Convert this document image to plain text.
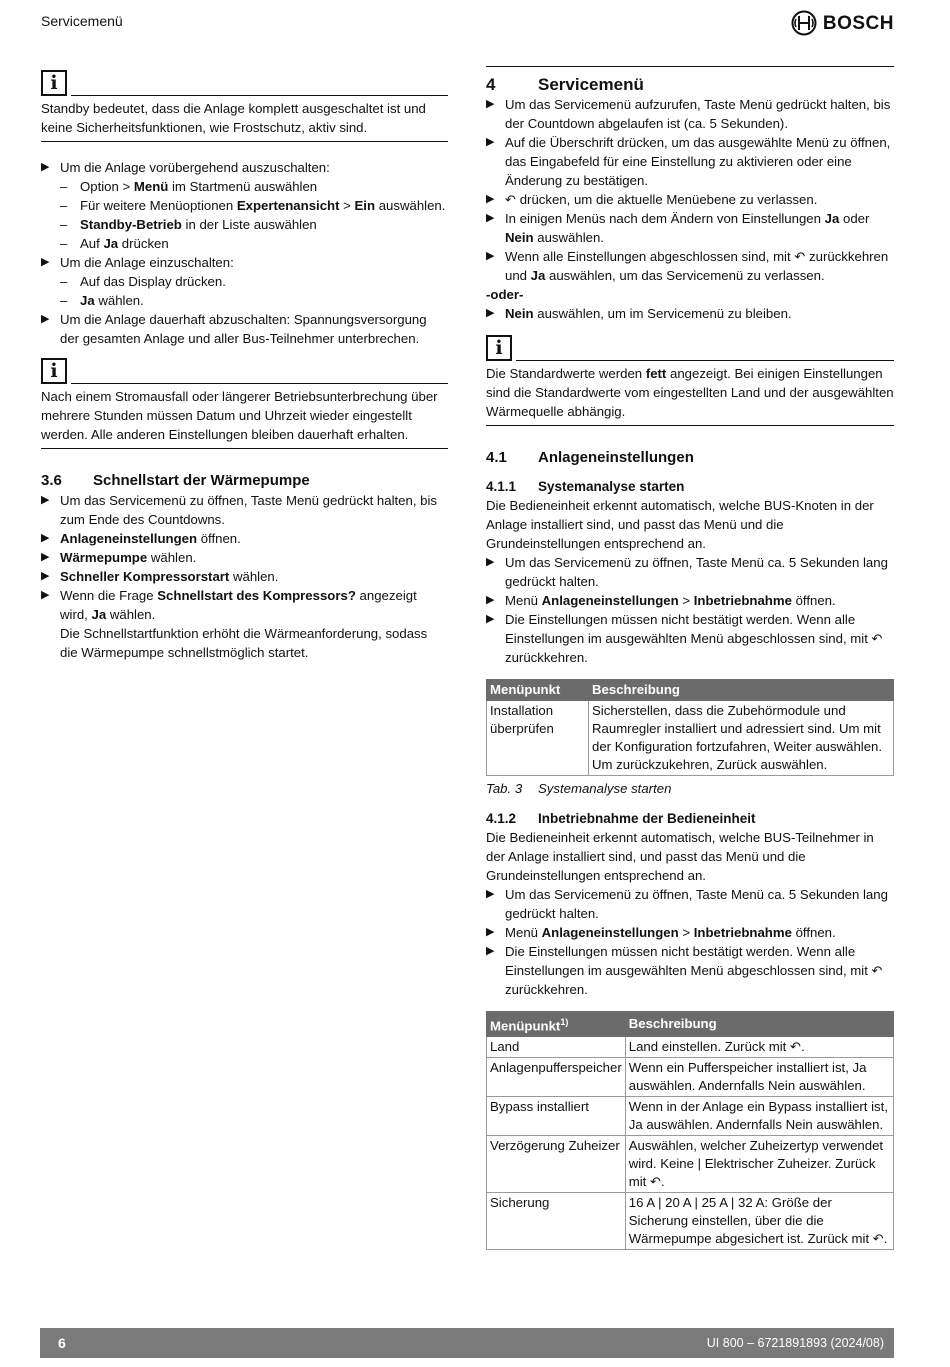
Servicemenü	BOSCH
i

Standby bedeutet, dass die Anlage komplett ausgeschaltet ist und keine Sicherheitsfunktionen, wie Frostschutz, aktiv sind.

▶ Um die Anlage vorübergehend auszuschalten:
– Option > Menü im Startmenü auswählen
– Für weitere Menüoptionen Expertenansicht > Ein auswählen.
– Standby-Betrieb in der Liste auswählen
– Auf Ja drücken
▶ Um die Anlage einzuschalten:
– Auf das Display drücken.
– Ja wählen.
▶ Um die Anlage dauerhaft abzuschalten: Spannungsversorgung der gesamten Anlage und aller Bus-Teilnehmer unterbrechen.
i

Nach einem Stromausfall oder längerer Betriebsunterbrechung über mehrere Stunden müssen Datum und Uhrzeit wieder eingestellt werden. Alle anderen Einstellungen bleiben dauerhaft erhalten.

3.6	Schnellstart der Wärmepumpe
▶ Um das Servicemenü zu öffnen, Taste Menü gedrückt halten, bis zum Ende des Countdowns.
▶ Anlageneinstellungen öffnen.
▶ Wärmepumpe wählen.
▶ Schneller Kompressorstart wählen.
▶ Wenn die Frage Schnellstart des Kompressors? angezeigt wird, Ja wählen.
Die Schnellstartfunktion erhöht die Wärmeanforderung, sodass die Wärmepumpe schnellstmöglich startet.
4	Servicemenü
▶ Um das Servicemenü aufzurufen, Taste Menü gedrückt halten, bis der Countdown abgelaufen ist (ca. 5 Sekunden).
▶ Auf die Überschrift drücken, um das ausgewählte Menü zu öffnen, das Eingabefeld für eine Einstellung zu aktivieren oder eine Änderung zu bestätigen.
▶ ↶ drücken, um die aktuelle Menüebene zu verlassen.
▶ In einigen Menüs nach dem Ändern von Einstellungen Ja oder Nein auswählen.
▶ Wenn alle Einstellungen abgeschlossen sind, mit ↶ zurückkehren und Ja auswählen, um das Servicemenü zu verlassen.

-oder-

▶ Nein auswählen, um im Servicemenü zu bleiben.
i

Die Standardwerte werden fett angezeigt. Bei einigen Einstellungen sind die Standardwerte vom eingestellten Land und der ausgewählten Wärmequelle abhängig.

4.1	Anlageneinstellungen
4.1.1	Systemanalyse starten

Die Bedieneinheit erkennt automatisch, welche BUS-Knoten in der Anlage installiert sind, und passt das Menü und die Grundeinstellungen entsprechend an.

▶ Um das Servicemenü zu öffnen, Taste Menü ca. 5 Sekunden lang gedrückt halten.
▶ Menü Anlageneinstellungen > Inbetriebnahme öffnen.
▶ Die Einstellungen müssen nicht bestätigt werden. Wenn alle Einstellungen im ausgewählten Menü abgeschlossen sind, mit ↶ zurückkehren.
Menüpunkt	Beschreibung
Installation überprüfen	Sicherstellen, dass die Zubehörmodule und Raumregler installiert und adressiert sind. Um mit der Konfiguration fortzufahren, Weiter auswählen. Um zurückzukehren, Zurück auswählen.
Tab. 3	Systemanalyse starten
4.1.2	Inbetriebnahme der Bedieneinheit

Die Bedieneinheit erkennt automatisch, welche BUS-Teilnehmer in der Anlage installiert sind, und passt das Menü und die Grundeinstellungen entsprechend an.

▶ Um das Servicemenü zu öffnen, Taste Menü ca. 5 Sekunden lang gedrückt halten.
▶ Menü Anlageneinstellungen > Inbetriebnahme öffnen.
▶ Die Einstellungen müssen nicht bestätigt werden. Wenn alle Einstellungen im ausgewählten Menü abgeschlossen sind, mit ↶ zurückkehren.
Menüpunkt$^{1)}$	Beschreibung
Land	Land einstellen. Zurück mit ↶.
Anlagenpufferspeicher	Wenn ein Pufferspeicher installiert ist, Ja auswählen. Andernfalls Nein auswählen.
Bypass installiert	Wenn in der Anlage ein Bypass installiert ist, Ja auswählen. Andernfalls Nein auswählen.
Verzögerung Zuheizer	Auswählen, welcher Zuheizertyp verwendet wird. Keine | Elektrischer Zuheizer. Zurück mit ↶.
Sicherung	16 A | 20 A | 25 A | 32 A: Größe der Sicherung einstellen, über die die Wärmepumpe abgesichert ist. Zurück mit ↶.
6	UI 800 – 6721891893 (2024/08)
